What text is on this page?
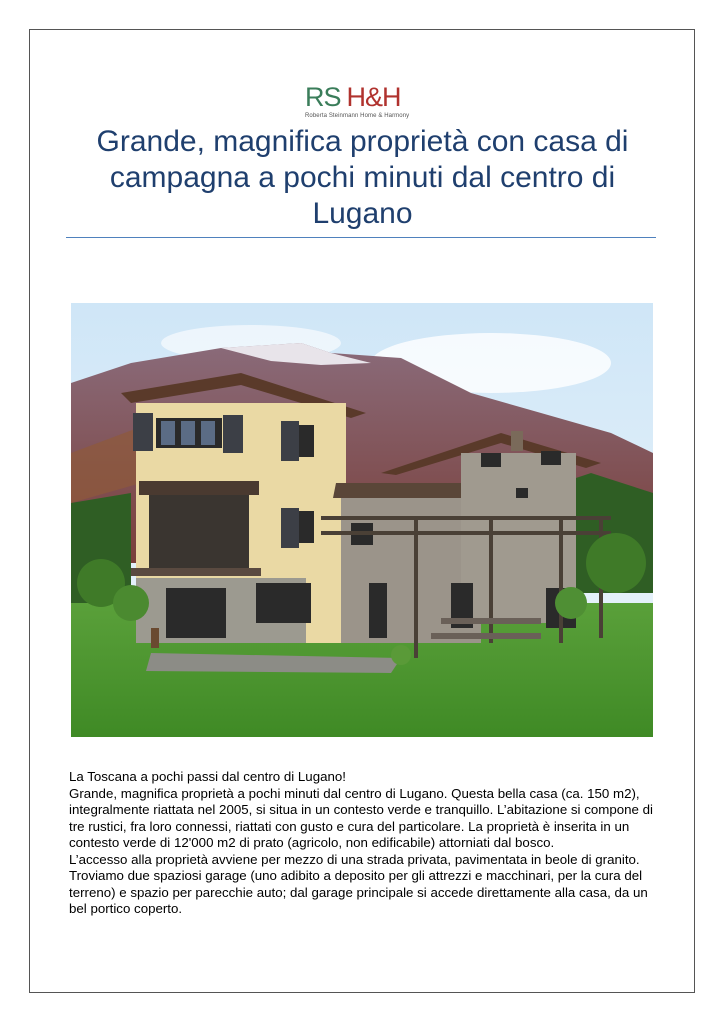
RS H&H
Roberta Steinmann Home & Harmony
Grande, magnifica proprietà con casa di campagna a pochi minuti dal centro di Lugano

La Toscana a pochi passi dal centro di Lugano!

Grande, magnifica proprietà a pochi minuti dal centro di Lugano. Questa bella casa (ca. 150 m2), integralmente riattata nel 2005, si situa in un contesto verde e tranquillo. L’abitazione si compone di tre rustici, fra loro connessi, riattati con gusto e cura del particolare. La proprietà è inserita in un contesto verde di 12'000 m2 di prato (agricolo, non edificabile) attorniati dal bosco.

L’accesso alla proprietà avviene per mezzo di una strada privata, pavimentata in beole di granito. Troviamo due spaziosi garage (uno adibito a deposito per gli attrezzi e macchinari, per la cura del terreno) e spazio per parecchie auto; dal garage principale si accede direttamente alla casa, da un bel portico coperto.
